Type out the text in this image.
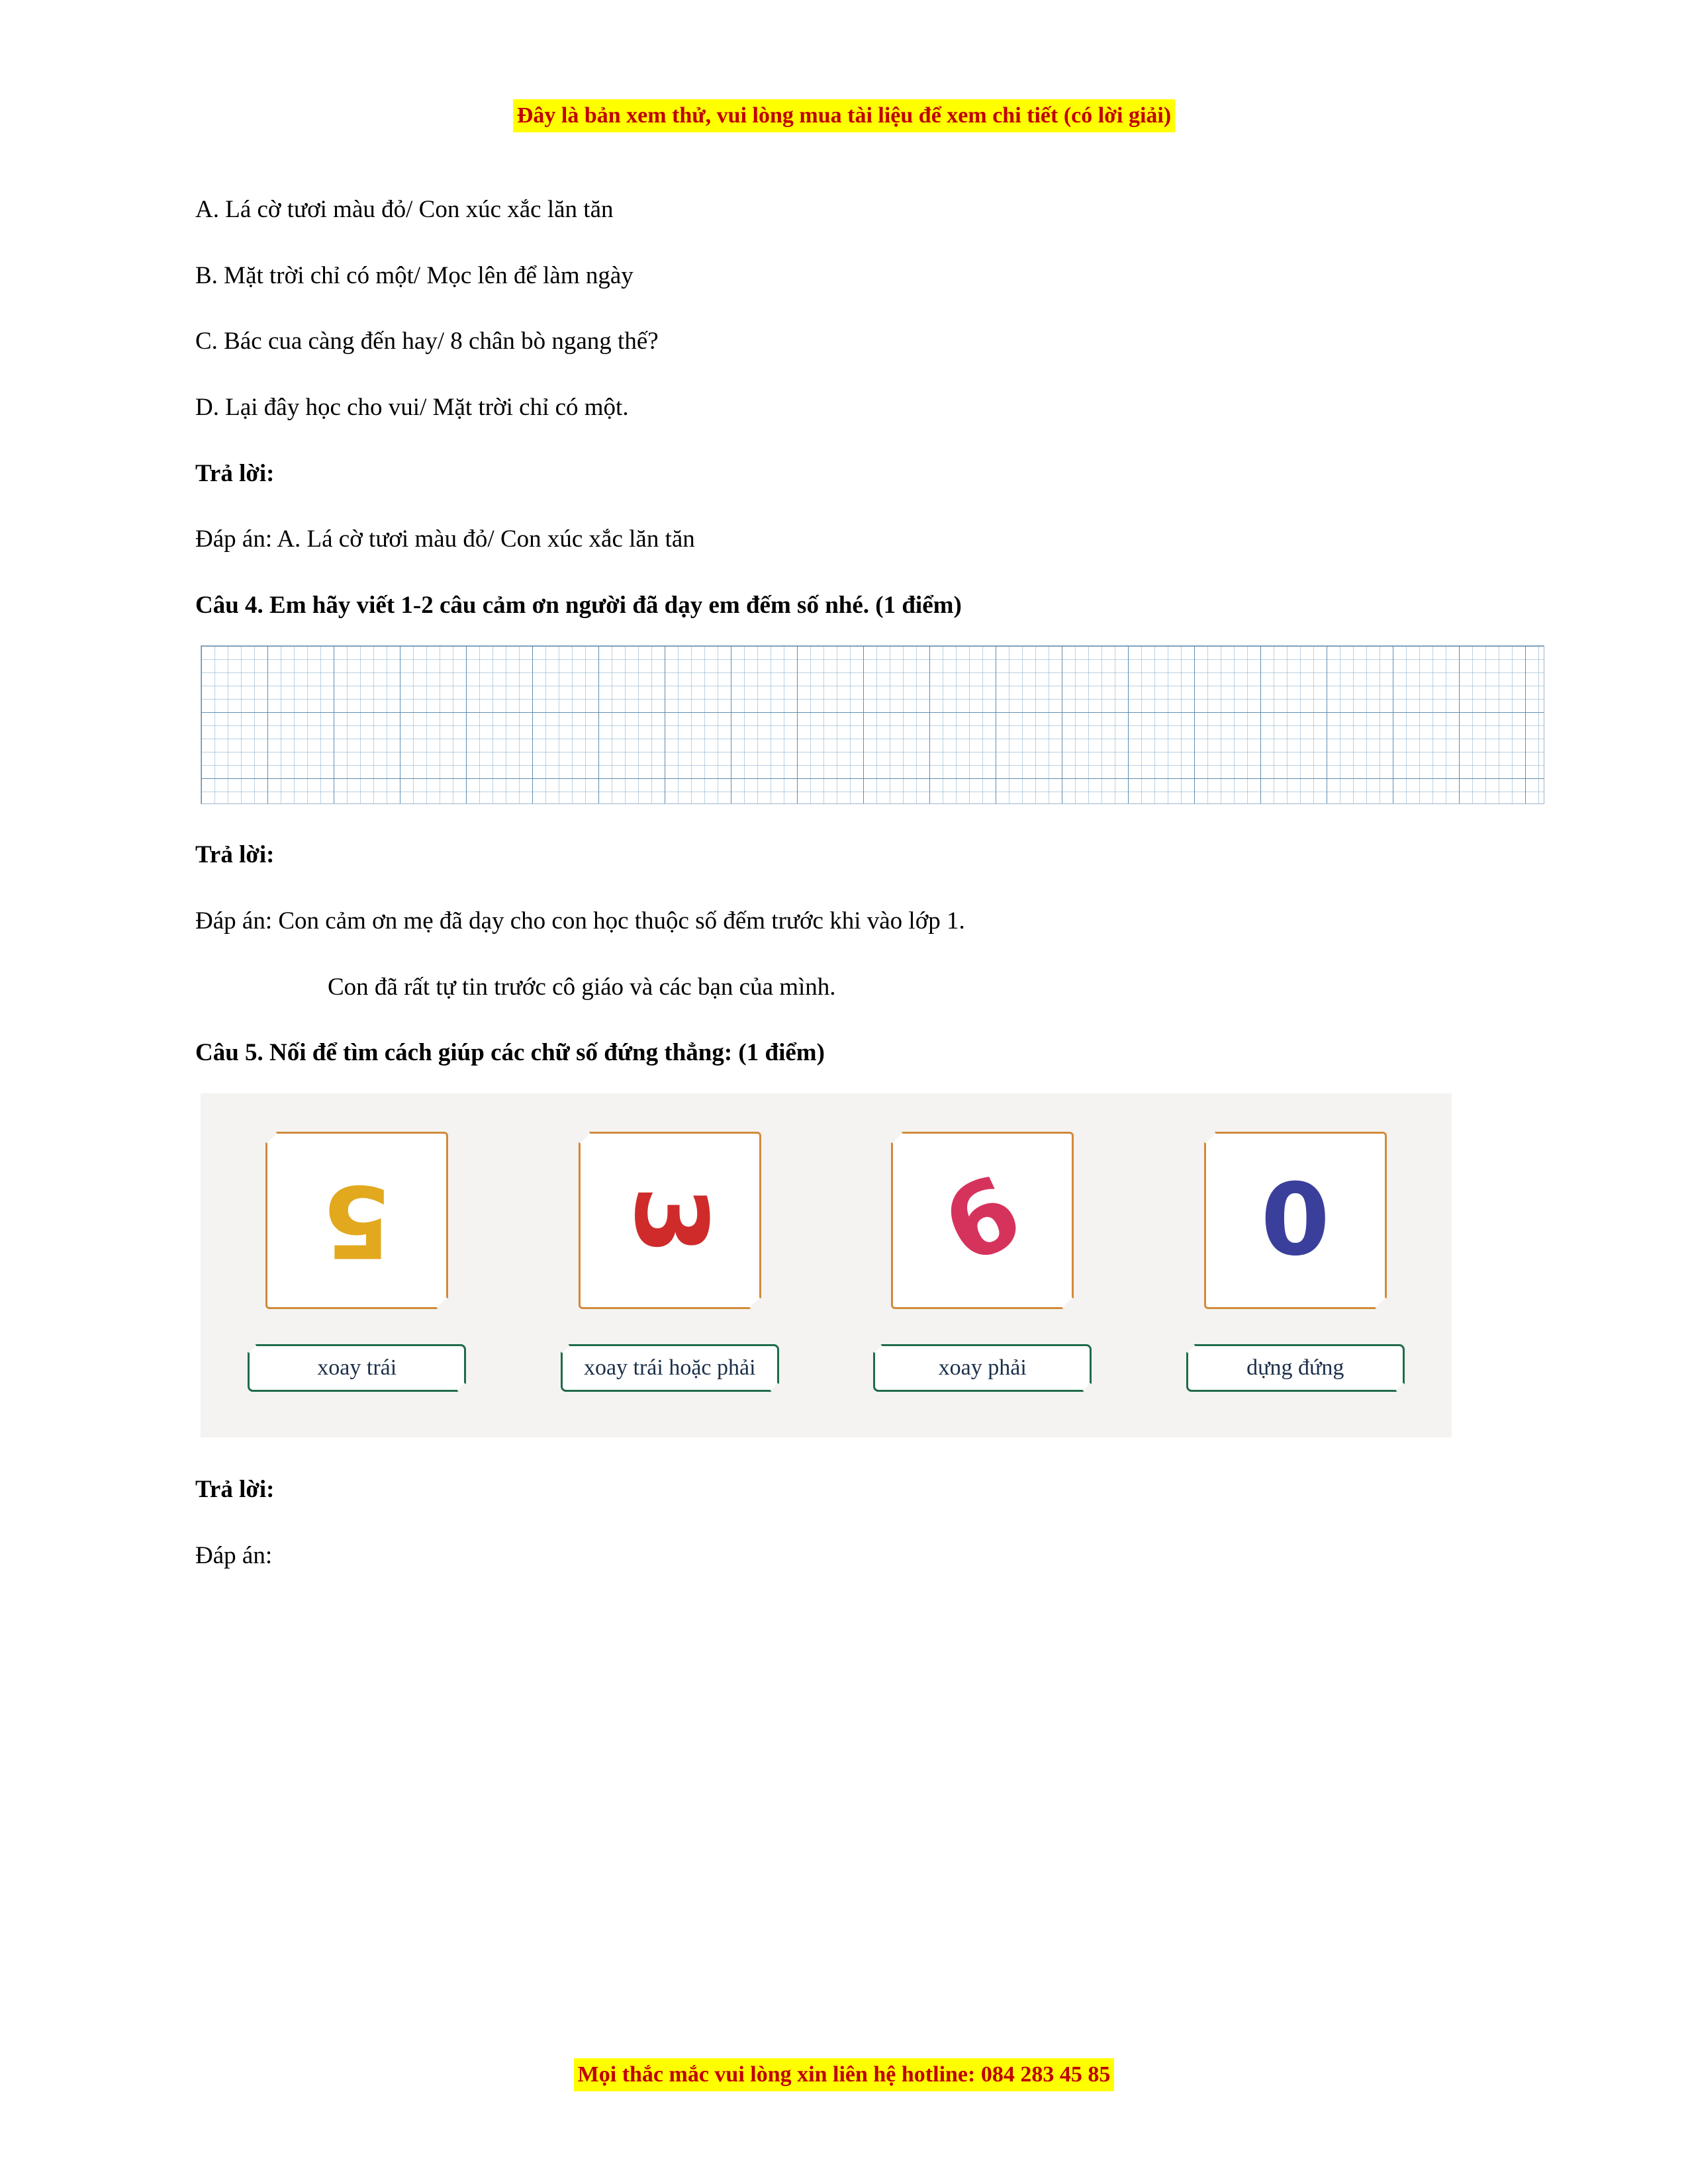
Đây là bản xem thử, vui lòng mua tài liệu để xem chi tiết (có lời giải)

A. Lá cờ tươi màu đỏ/ Con xúc xắc lăn tăn

B. Mặt trời chỉ có một/ Mọc lên để làm ngày

C. Bác cua càng đến hay/ 8 chân bò ngang thế?

D. Lại đây học cho vui/ Mặt trời chỉ có một.

Trả lời:

Đáp án: A. Lá cờ tươi màu đỏ/ Con xúc xắc lăn tăn

Câu 4. Em hãy viết 1-2 câu cảm ơn người đã dạy em đếm số nhé. (1 điểm)

Trả lời:

Đáp án: Con cảm ơn mẹ đã dạy cho con học thuộc số đếm trước khi vào lớp 1.

Con đã rất tự tin trước cô giáo và các bạn của mình.

Câu 5. Nối để tìm cách giúp các chữ số đứng thẳng: (1 điểm)

5 3 6 0
xoay trái	xoay trái hoặc phải	xoay phải	dựng đứng

Trả lời:

Đáp án:

Mọi thắc mắc vui lòng xin liên hệ hotline: 084 283 45 85
